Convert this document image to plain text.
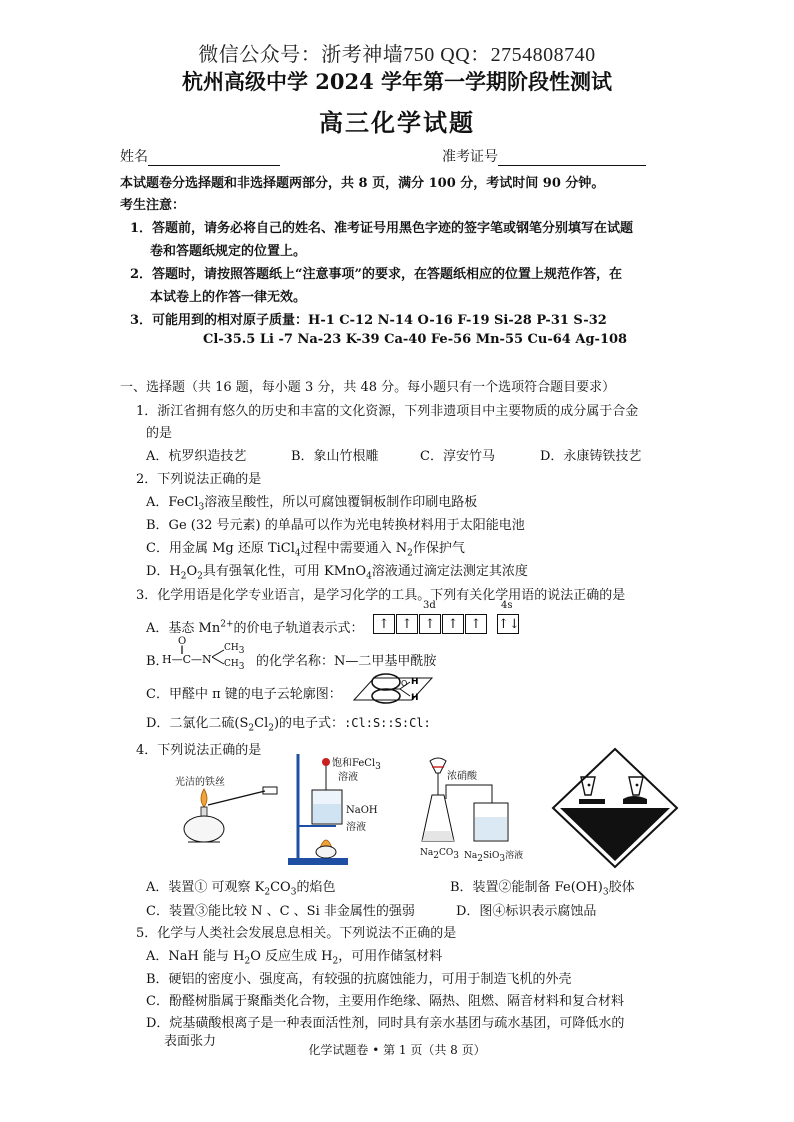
微信公众号：浙考神墙750 QQ：2754808740
杭州高级中学 2024 学年第一学期阶段性测试
高三化学试题
姓名	准考证号
本试题卷分选择题和非选择题两部分，共 8 页，满分 100 分，考试时间 90 分钟。
考生注意：
1．答题前，请务必将自己的姓名、准考证号用黑色字迹的签字笔或钢笔分别填写在试题
卷和答题纸规定的位置上。
2．答题时，请按照答题纸上“注意事项”的要求，在答题纸相应的位置上规范作答，在
本试卷上的作答一律无效。
3．可能用到的相对原子质量：H-1 C-12 N-14 O-16 F-19 Si-28 P-31 S-32
Cl-35.5 Li -7 Na-23 K-39 Ca-40 Fe-56 Mn-55 Cu-64 Ag-108
一、选择题（共 16 题，每小题 3 分，共 48 分。每小题只有一个选项符合题目要求）
1．浙江省拥有悠久的历史和丰富的文化资源，下列非遗项目中主要物质的成分属于合金
的是
A．杭罗织造技艺	B．象山竹根雕	C．淳安竹马	D．永康铸铁技艺
2．下列说法正确的是
A．FeCl$_3$溶液呈酸性，所以可腐蚀覆铜板制作印刷电路板
B．Ge (32 号元素) 的单晶可以作为光电转换材料用于太阳能电池
C．用金属 Mg 还原 TiCl$_4$过程中需要通入 $N_2$作保护气
D．$H_2O_2$具有强氧化性，可用 KMnO$_4$溶液通过滴定法测定其浓度
3．化学用语是化学专业语言，是学习化学的工具。下列有关化学用语的说法正确的是
A．基态 $Mn^{2+}$的价电子轨道表示式：
3d	4s
↑ ↑ ↑ ↑ ↑	↑↓
B．
O
‖
H—C—N
$CH_3$
$CH_3$ 的化学名称：N—二甲基甲酰胺
C．甲醛中 π 键的电子云轮廓图：
H
H
O
D．二氯化二硫$(S_2Cl_2)$的电子式：:Cl:S::S:Cl:
4．下列说法正确的是
光洁的铁丝
饱和FeCl$_3$
溶液
NaOH
溶液
浓硝酸
$Na_2CO_3$ $Na_2SiO_3$溶液
A．装置① 可观察 $K_2CO_3$的焰色	B．装置②能制备 $Fe(OH)_3$胶体
C．装置③能比较 N 、C 、Si 非金属性的强弱	D．图④标识表示腐蚀品
5．化学与人类社会发展息息相关。下列说法不正确的是
A．NaH 能与 $H_2O$ 反应生成 $H_2$，可用作储氢材料
B．硬铝的密度小、强度高，有较强的抗腐蚀能力，可用于制造飞机的外壳
C．酚醛树脂属于聚酯类化合物，主要用作绝缘、隔热、阻燃、隔音材料和复合材料
D．烷基磺酸根离子是一种表面活性剂，同时具有亲水基团与疏水基团，可降低水的
表面张力
化学试题卷 • 第 1 页（共 8 页）
